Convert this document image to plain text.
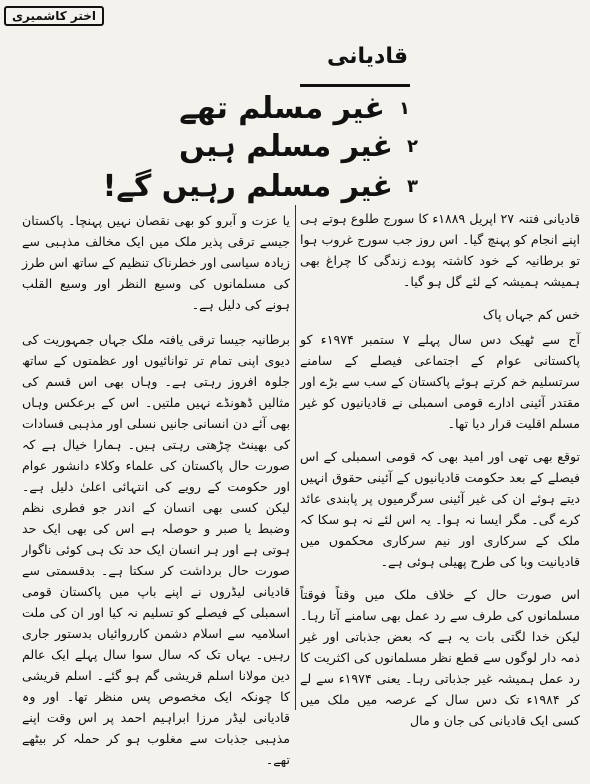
اختر کاشمیری
قادیانی
۱غیر مسلم تھے
۲غیر مسلم ہیں
۳غیر مسلم رہیں گے!

قادیانی فتنہ ۲۷ اپریل ۱۸۸۹ء کا سورج طلوع ہوتے ہی اپنے انجام کو پہنچ گیا۔ اس روز جب سورج غروب ہوا تو برطانیہ کے خود کاشتہ پودے زندگی کا چراغ بھی ہمیشہ ہمیشہ کے لئے گل ہو گیا۔

خس کم جہاں پاک

آج سے ٹھیک دس سال پہلے ۷ ستمبر ۱۹۷۴ء کو پاکستانی عوام کے اجتماعی فیصلے کے سامنے سرتسلیم خم کرتے ہوئے پاکستان کے سب سے بڑے اور مقتدر آئینی ادارے قومی اسمبلی نے قادیانیوں کو غیر مسلم اقلیت قرار دیا تھا۔

توقع بھی تھی اور امید بھی کہ قومی اسمبلی کے اس فیصلے کے بعد حکومت قادیانیوں کے آئینی حقوق انہیں دیتے ہوئے ان کی غیر آئینی سرگرمیوں پر پابندی عائد کرے گی۔ مگر ایسا نہ ہوا۔ یہ اس لئے نہ ہو سکا کہ ملک کے سرکاری اور نیم سرکاری محکموں میں قادیانیت وبا کی طرح پھیلی ہوئی ہے۔

اس صورت حال کے خلاف ملک میں وقتاً فوقتاً مسلمانوں کی طرف سے رد عمل بھی سامنے آتا رہا۔ لیکن خدا لگتی بات یہ ہے کہ بعض جذباتی اور غیر ذمہ دار لوگوں سے قطع نظر مسلمانوں کی اکثریت کا رد عمل ہمیشہ غیر جذباتی رہا۔ یعنی ۱۹۷۴ء سے لے کر ۱۹۸۴ء تک دس سال کے عرصہ میں ملک میں کسی ایک قادیانی کی جان و مال

یا عزت و آبرو کو بھی نقصان نہیں پہنچا۔ پاکستان جیسے ترقی پذیر ملک میں ایک مخالف مذہبی سے زیادہ سیاسی اور خطرناک تنظیم کے ساتھ اس طرز کی مسلمانوں کی وسیع النظر اور وسیع القلب ہونے کی دلیل ہے۔

برطانیہ جیسا ترقی یافتہ ملک جہاں جمہوریت کی دیوی اپنی تمام تر توانائیوں اور عظمتوں کے ساتھ جلوہ افروز رہتی ہے۔ وہاں بھی اس قسم کی مثالیں ڈھونڈے نہیں ملتیں۔ اس کے برعکس وہاں بھی آئے دن انسانی جانیں نسلی اور مذہبی فسادات کی بھینٹ چڑھتی رہتی ہیں۔ ہمارا خیال ہے کہ صورت حال پاکستان کی علماء وکلاء دانشور عوام اور حکومت کے رویے کی انتہائی اعلیٰ دلیل ہے۔ لیکن کسی بھی انسان کے اندر جو فطری نظم وضبط یا صبر و حوصلہ ہے اس کی بھی ایک حد ہوتی ہے اور ہر انسان ایک حد تک ہی کوئی ناگوار صورت حال برداشت کر سکتا ہے۔ بدقسمتی سے قادیانی لیڈروں نے اپنے باپ میں پاکستان قومی اسمبلی کے فیصلے کو تسلیم نہ کیا اور ان کی ملت اسلامیہ سے اسلام دشمن کارروائیاں بدستور جاری رہیں۔ یہاں تک کہ سال سوا سال پہلے ایک عالم دین مولانا اسلم قریشی گم ہو گئے۔ اسلم قریشی کا چونکہ ایک مخصوص پس منظر تھا۔ اور وہ قادیانی لیڈر مرزا ابراہیم احمد پر اس وقت اپنے مذہبی جذبات سے مغلوب ہو کر حملہ کر بیٹھے تھے۔
